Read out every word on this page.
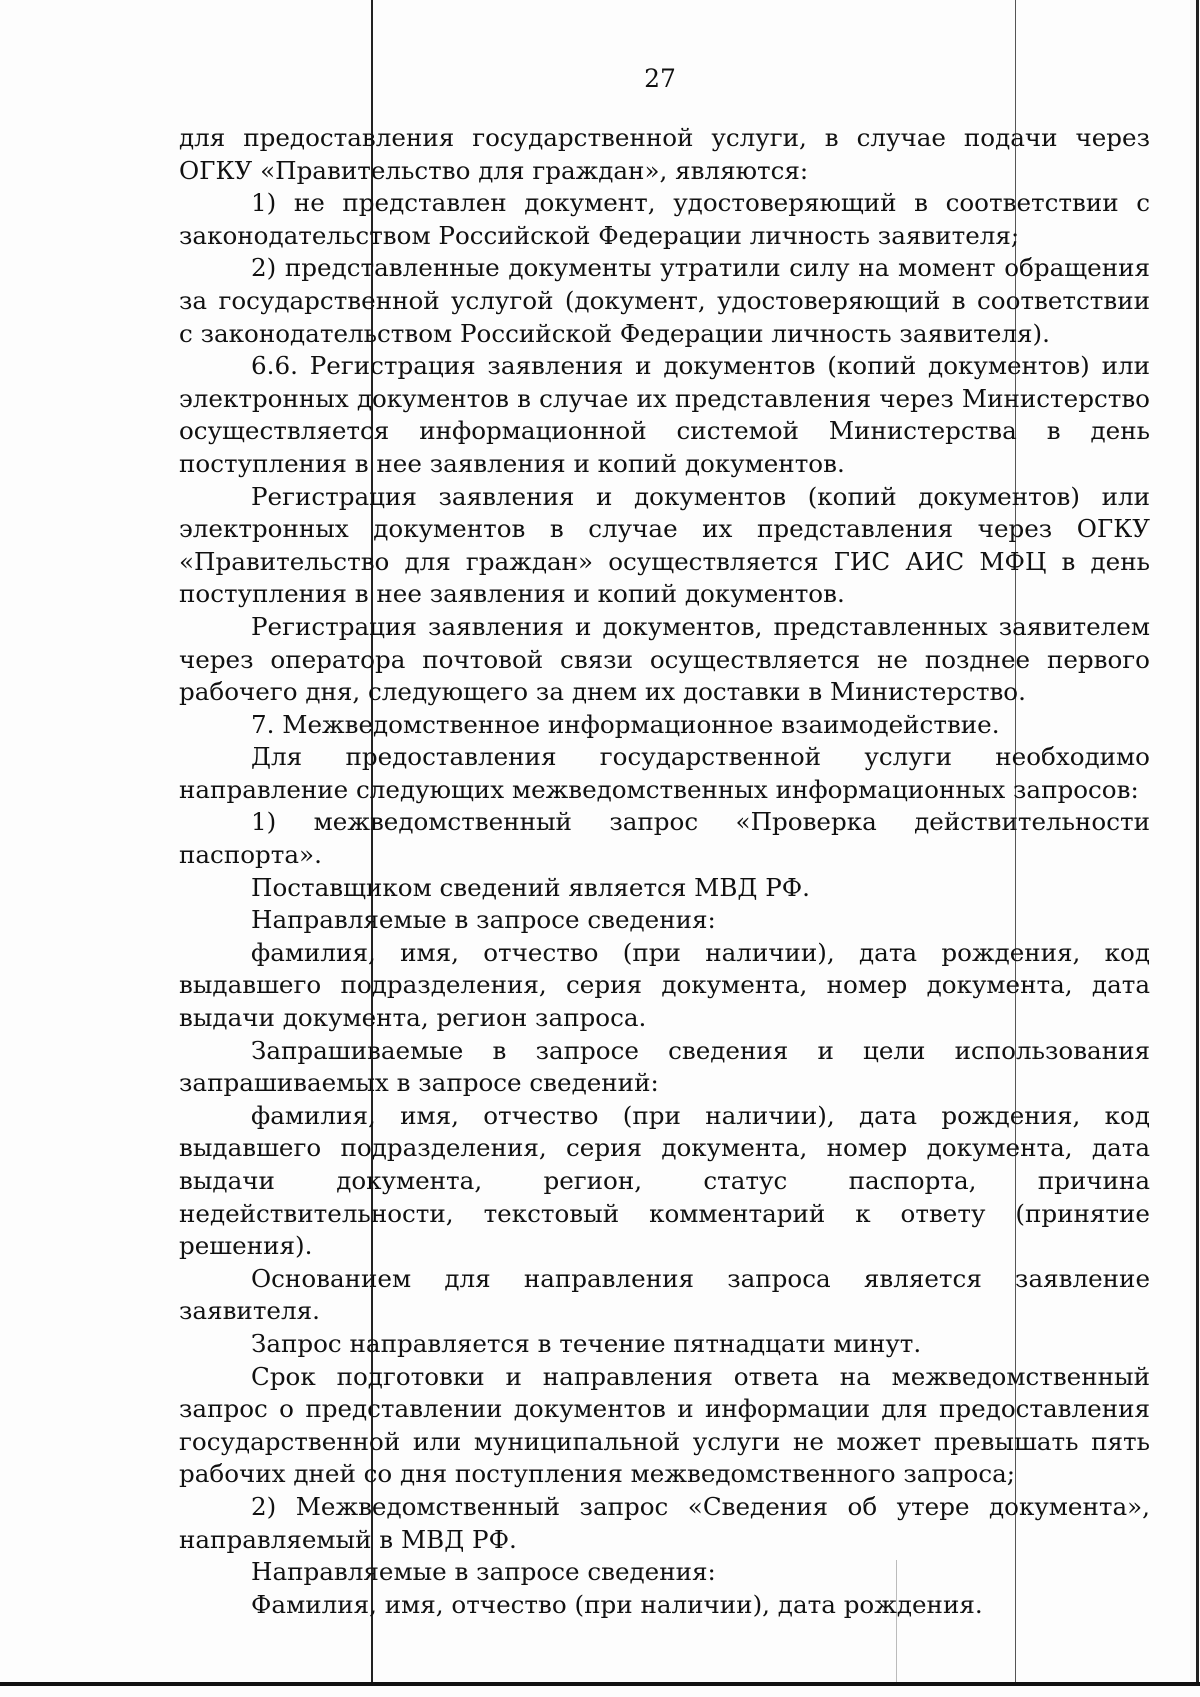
27

для предоставления государственной услуги, в случае подачи через ОГКУ «Правительство для граждан», являются:

1) не представлен документ, удостоверяющий в соответствии с законодательством Российской Федерации личность заявителя;

2) представленные документы утратили силу на момент обращения за государственной услугой (документ, удостоверяющий в соответствии с законодательством Российской Федерации личность заявителя).

6.6. Регистрация заявления и документов (копий документов) или электронных документов в случае их представления через Министерство осуществляется информационной системой Министерства в день поступления в нее заявления и копий документов.

Регистрация заявления и документов (копий документов) или электронных документов в случае их представления через ОГКУ «Правительство для граждан» осуществляется ГИС АИС МФЦ в день поступления в нее заявления и копий документов.

Регистрация заявления и документов, представленных заявителем через оператора почтовой связи осуществляется не позднее первого рабочего дня, следующего за днем их доставки в Министерство.

7. Межведомственное информационное взаимодействие.

Для предоставления государственной услуги необходимо направление следующих межведомственных информационных запросов:

1) межведомственный запрос «Проверка действительности паспорта».

Поставщиком сведений является МВД РФ.

Направляемые в запросе сведения:

фамилия, имя, отчество (при наличии), дата рождения, код выдавшего подразделения, серия документа, номер документа, дата выдачи документа, регион запроса.

Запрашиваемые в запросе сведения и цели использования запрашиваемых в запросе сведений:

фамилия, имя, отчество (при наличии), дата рождения, код выдавшего подразделения, серия документа, номер документа, дата выдачи документа, регион, статус паспорта, причина недействительности, текстовый комментарий к ответу (принятие решения).

Основанием для направления запроса является заявление заявителя.

Запрос направляется в течение пятнадцати минут.

Срок подготовки и направления ответа на межведомственный запрос о представлении документов и информации для предоставления государственной или муниципальной услуги не может превышать пять рабочих дней со дня поступления межведомственного запроса;

2) Межведомственный запрос «Сведения об утере документа», направляемый в МВД РФ.

Направляемые в запросе сведения:

Фамилия, имя, отчество (при наличии), дата рождения.
